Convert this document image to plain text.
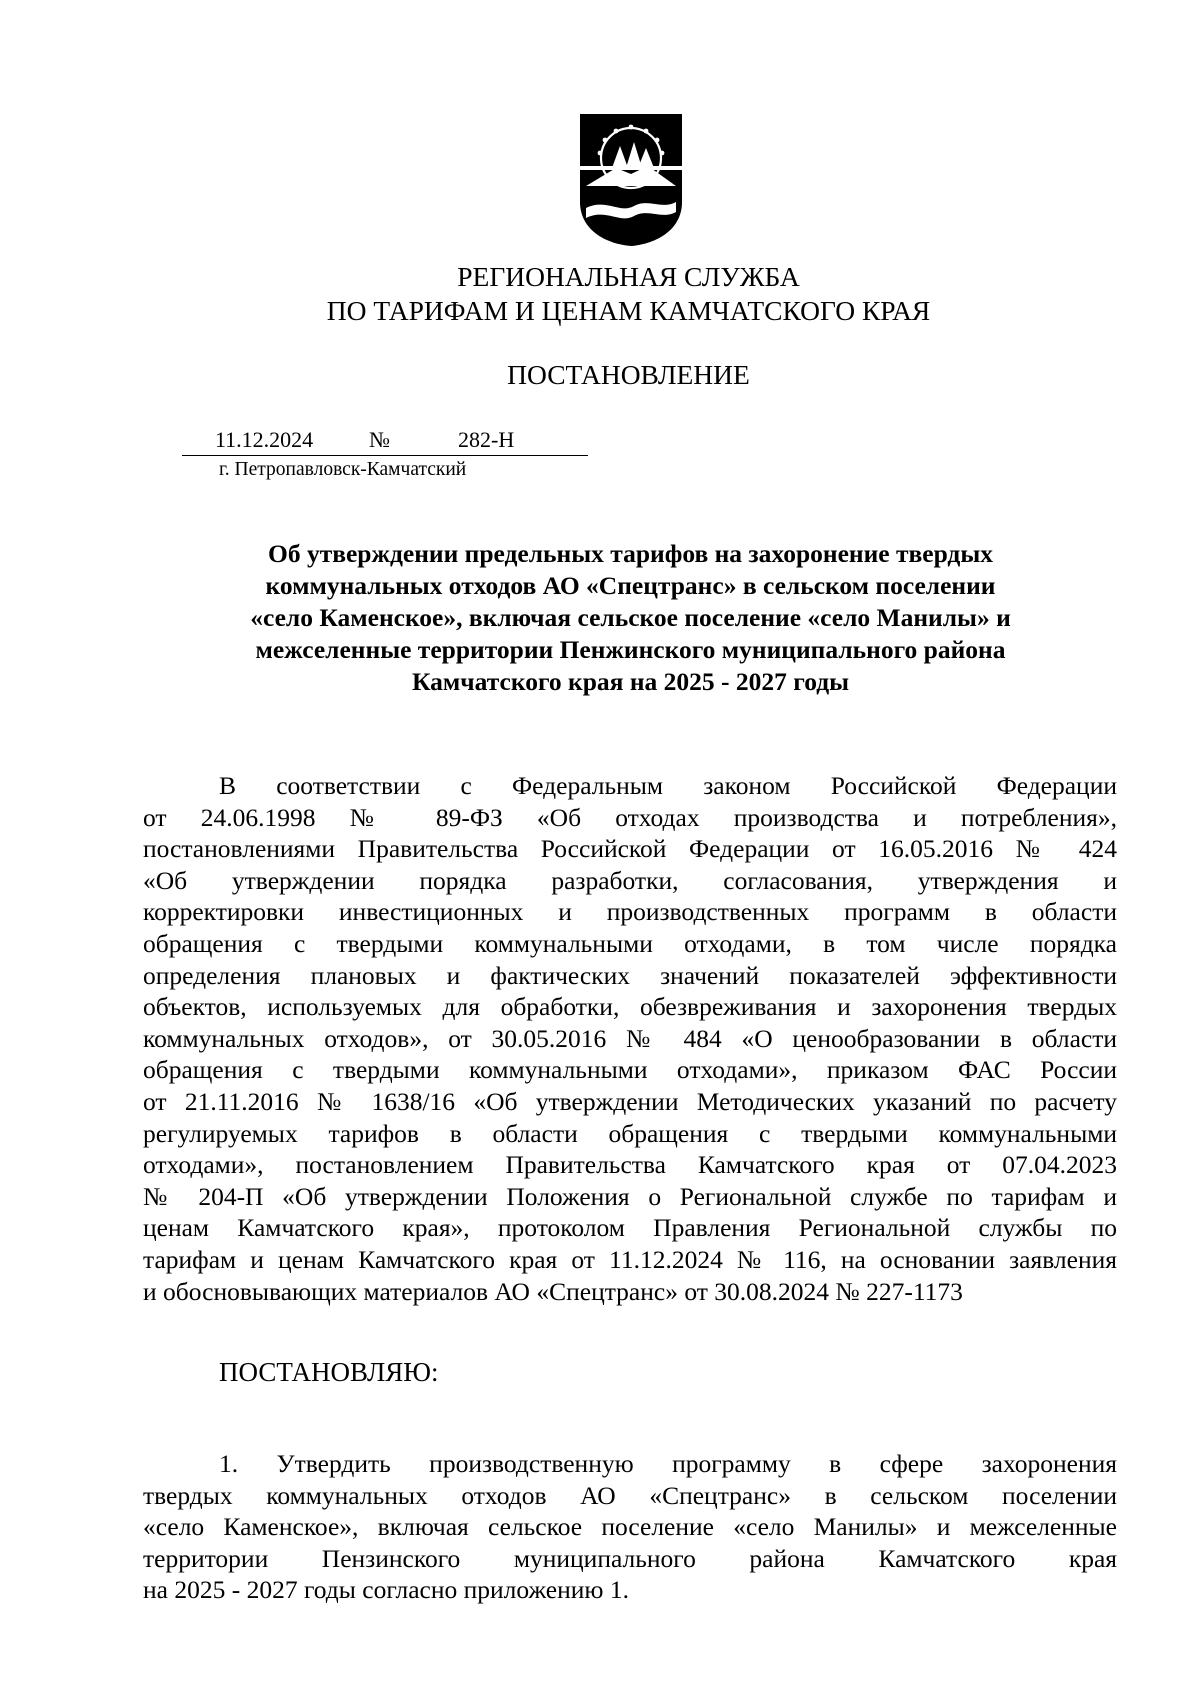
РЕГИОНАЛЬНАЯ СЛУЖБА
ПО ТАРИФАМ И ЦЕНАМ КАМЧАТСКОГО КРАЯ
ПОСТАНОВЛЕНИЕ
11.12.2024	№	282-Н
г. Петропавловск-Камчатский
Об утверждении предельных тарифов на захоронение твердых
коммунальных отходов АО «Спецтранс» в сельском поселении
«село Каменское», включая сельское поселение «село Манилы» и
межселенные территории Пенжинского муниципального района
Камчатского края на 2025 - 2027 годы
В соответствии с Федеральным законом Российской Федерации
от 24.06.1998 № 89-ФЗ «Об отходах производства и потребления»,
постановлениями Правительства Российской Федерации от 16.05.2016 № 424
«Об утверждении порядка разработки, согласования, утверждения и
корректировки инвестиционных и производственных программ в области
обращения с твердыми коммунальными отходами, в том числе порядка
определения плановых и фактических значений показателей эффективности
объектов, используемых для обработки, обезвреживания и захоронения твердых
коммунальных отходов», от 30.05.2016 № 484 «О ценообразовании в области
обращения с твердыми коммунальными отходами», приказом ФАС России
от 21.11.2016 № 1638/16 «Об утверждении Методических указаний по расчету
регулируемых тарифов в области обращения с твердыми коммунальными
отходами», постановлением Правительства Камчатского края от 07.04.2023
№ 204-П «Об утверждении Положения о Региональной службе по тарифам и
ценам Камчатского края», протоколом Правления Региональной службы по
тарифам и ценам Камчатского края от 11.12.2024 № 116, на основании заявления
и обосновывающих материалов АО «Спецтранс» от 30.08.2024 № 227-1173
ПОСТАНОВЛЯЮ:
1. Утвердить производственную программу в сфере захоронения
твердых коммунальных отходов АО «Спецтранс» в сельском поселении
«село Каменское», включая сельское поселение «село Манилы» и межселенные
территории Пензинского муниципального района Камчатского края
на 2025 - 2027 годы согласно приложению 1.
